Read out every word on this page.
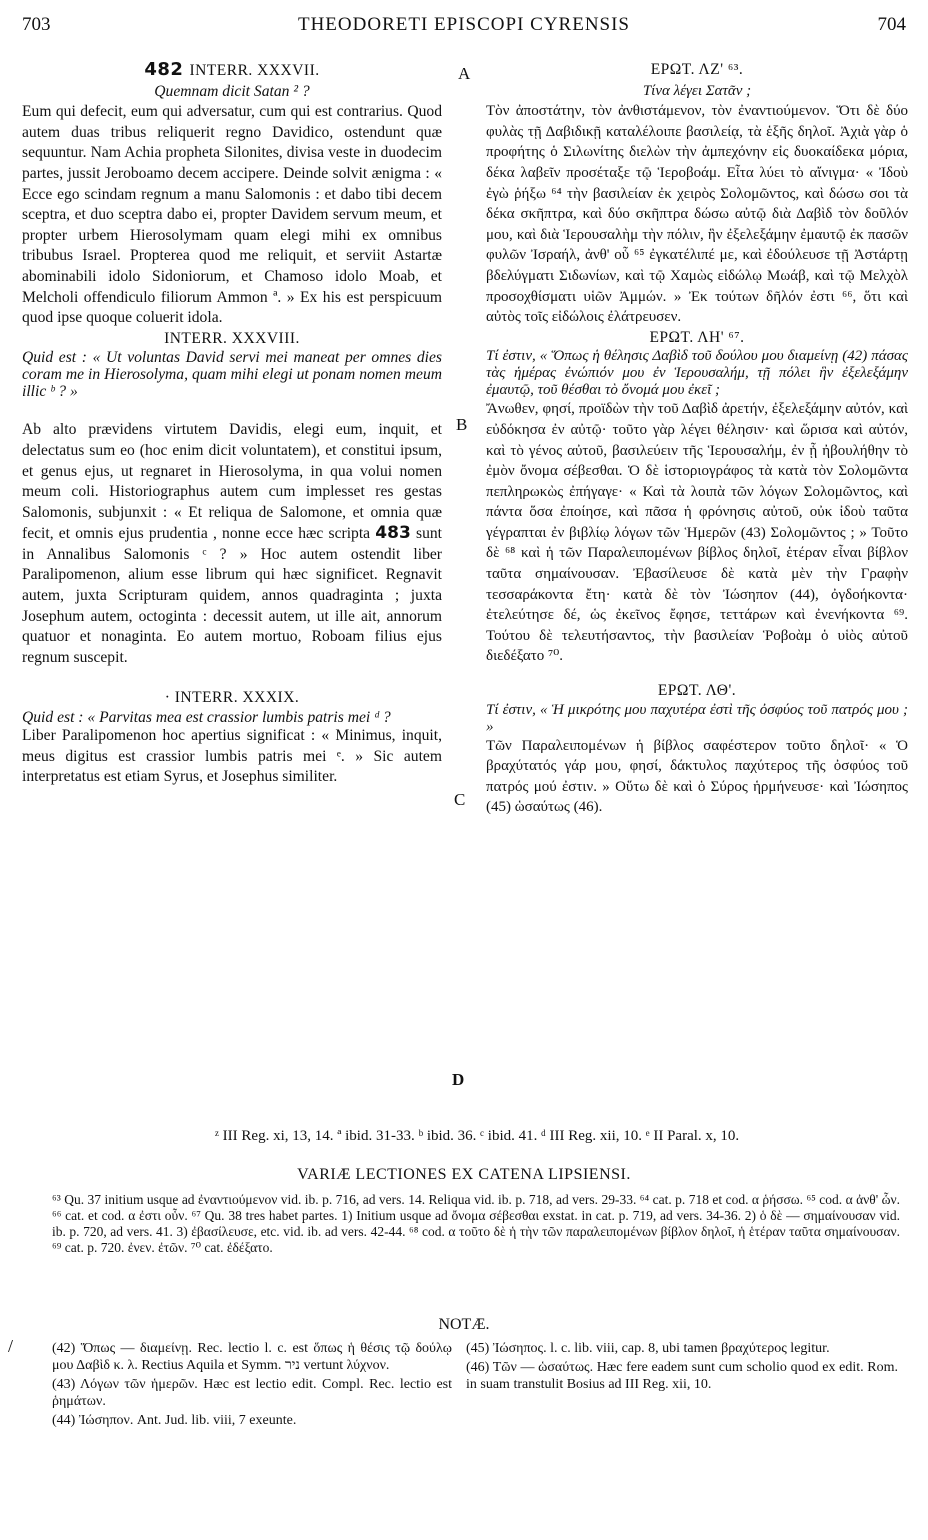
703	THEODORETI EPISCOPI CYRENSIS	704
A
B
C
D
/

482 INTERR. XXXVII.

Quemnam dicit Satan ² ?

Eum qui defecit, eum qui adversatur, cum qui est contrarius. Quod autem duas tribus reliquerit regno Davidico, ostendunt quæ sequuntur. Nam Achia propheta Silonites, divisa veste in duodecim partes, jussit Jeroboamo decem accipere. Deinde solvit ænigma : « Ecce ego scindam regnum a manu Salomonis : et dabo tibi decem sceptra, et duo sceptra dabo ei, propter Davidem servum meum, et propter urbem Hierosolymam quam elegi mihi ex omnibus tribubus Israel. Propterea quod me reliquit, et serviit Astartæ abominabili idolo Sidoniorum, et Chamoso idolo Moab, et Melcholi offendiculo filiorum Ammon ª. » Ex his est perspicuum quod ipse quoque coluerit idola.

INTERR. XXXVIII.

Quid est : « Ut voluntas David servi mei maneat per omnes dies coram me in Hierosolyma, quam mihi elegi ut ponam nomen meum illic ᵇ ? »

Ab alto prævidens virtutem Davidis, elegi eum, inquit, et delectatus sum eo (hoc enim dicit voluntatem), et constitui ipsum, et genus ejus, ut regnaret in Hierosolyma, in qua volui nomen meum coli. Historiographus autem cum implesset res gestas Salomonis, subjunxit : « Et reliqua de Salomone, et omnia quæ fecit, et omnis ejus prudentia , nonne ecce hæc scripta 483 sunt in Annalibus Salomonis ᶜ ? » Hoc autem ostendit liber Paralipomenon, alium esse librum qui hæc significet. Regnavit autem, juxta Scripturam quidem, annos quadraginta ; juxta Josephum autem, octoginta : decessit autem, ut ille ait, annorum quatuor et nonaginta. Eo autem mortuo, Roboam filius ejus regnum suscepit.

· INTERR. XXXIX.

Quid est : « Parvitas mea est crassior lumbis patris mei ᵈ ?

Liber Paralipomenon hoc apertius significat : « Minimus, inquit, meus digitus est crassior lumbis patris mei ᵉ. » Sic autem interpretatus est etiam Syrus, et Josephus similiter.

ΕΡΩΤ. ΛΖ' ⁶³.

Τίνα λέγει Σατᾶν ;

Τὸν ἀποστάτην, τὸν ἀνθιστάμενον, τὸν ἐναντιούμενον. Ὅτι δὲ δύο φυλὰς τῇ Δαβιδικῇ καταλέλοιπε βασιλείᾳ, τὰ ἑξῆς δηλοῖ. Ἀχιὰ γὰρ ὁ προφήτης ὁ Σιλωνίτης διελὼν τὴν ἀμπεχόνην εἰς δυοκαίδεκα μόρια, δέκα λαβεῖν προσέταξε τῷ Ἱεροβοάμ. Εἶτα λύει τὸ αἴνιγμα· « Ἰδοὺ ἐγὼ ῥήξω ⁶⁴ τὴν βασιλείαν ἐκ χειρὸς Σολομῶντος, καὶ δώσω σοι τὰ δέκα σκῆπτρα, καὶ δύο σκῆπτρα δώσω αὐτῷ διὰ Δαβὶδ τὸν δοῦλόν μου, καὶ διὰ Ἱερουσαλὴμ τὴν πόλιν, ἣν ἐξελεξάμην ἐμαυτῷ ἐκ πασῶν φυλῶν Ἰσραήλ, ἀνθ' οὗ ⁶⁵ ἐγκατέλιπέ με, καὶ ἐδούλευσε τῇ Ἀστάρτῃ βδελύγματι Σιδωνίων, καὶ τῷ Χαμὼς εἰδώλῳ Μωάβ, καὶ τῷ Μελχὸλ προσοχθίσματι υἱῶν Ἀμμών. » Ἐκ τούτων δῆλόν ἐστι ⁶⁶, ὅτι καὶ αὐτὸς τοῖς εἰδώλοις ἐλάτρευσεν.

ΕΡΩΤ. ΛΗ' ⁶⁷.

Τί ἐστιν, « Ὅπως ἡ θέλησις Δαβὶδ τοῦ δούλου μου διαμείνῃ (42) πάσας τὰς ἡμέρας ἐνώπιόν μου ἐν Ἱερουσαλήμ, τῇ πόλει ἣν ἐξελεξάμην ἐμαυτῷ, τοῦ θέσθαι τὸ ὄνομά μου ἐκεῖ ;

Ἄνωθεν, φησί, προϊδὼν τὴν τοῦ Δαβὶδ ἀρετήν, ἐξελεξάμην αὐτόν, καὶ εὐδόκησα ἐν αὐτῷ· τοῦτο γὰρ λέγει θέλησιν· καὶ ὥρισα καὶ αὐτόν, καὶ τὸ γένος αὐτοῦ, βασιλεύειν τῆς Ἱερουσαλήμ, ἐν ᾗ ἠβουλήθην τὸ ἐμὸν ὄνομα σέβεσθαι. Ὁ δὲ ἱστοριογράφος τὰ κατὰ τὸν Σολομῶντα πεπληρωκὼς ἐπήγαγε· « Καὶ τὰ λοιπὰ τῶν λόγων Σολομῶντος, καὶ πάντα ὅσα ἐποίησε, καὶ πᾶσα ἡ φρόνησις αὐτοῦ, οὐκ ἰδοὺ ταῦτα γέγραπται ἐν βιβλίῳ λόγων τῶν Ἡμερῶν (43) Σολομῶντος ; » Τοῦτο δὲ ⁶⁸ καὶ ἡ τῶν Παραλειπομένων βίβλος δηλοῖ, ἑτέραν εἶναι βίβλον ταῦτα σημαίνουσαν. Ἐβασίλευσε δὲ κατὰ μὲν τὴν Γραφὴν τεσσαράκοντα ἔτη· κατὰ δὲ τὸν Ἰώσηπον (44), ὀγδοήκοντα· ἐτελεύτησε δέ, ὡς ἐκεῖνος ἔφησε, τεττάρων καὶ ἐνενήκοντα ⁶⁹. Τούτου δὲ τελευτήσαντος, τὴν βασιλείαν Ῥοβοὰμ ὁ υἱὸς αὐτοῦ διεδέξατο ⁷⁰.

ΕΡΩΤ. ΛΘ'.

Τί ἐστιν, « Ἡ μικρότης μου παχυτέρα ἐστὶ τῆς ὀσφύος τοῦ πατρός μου ; »

Τῶν Παραλειπομένων ἡ βίβλος σαφέστερον τοῦτο δηλοῖ· « Ὁ βραχύτατός γάρ μου, φησί, δάκτυλος παχύτερος τῆς ὀσφύος τοῦ πατρός μού ἐστιν. » Οὕτω δὲ καὶ ὁ Σύρος ἡρμήνευσε· καὶ Ἰώσηπος (45) ὡσαύτως (46).

ᶻ III Reg. xi, 13, 14. ª ibid. 31-33. ᵇ ibid. 36. ᶜ ibid. 41. ᵈ III Reg. xii, 10. ᵉ II Paral. x, 10.
VARIÆ LECTIONES EX CATENA LIPSIENSI.
⁶³ Qu. 37 initium usque ad ἐναντιούμενον vid. ib. p. 716, ad vers. 14. Reliqua vid. ib. p. 718, ad vers. 29-33. ⁶⁴ cat. p. 718 et cod. α ῥήσσω. ⁶⁵ cod. α ἀνθ' ὧν. ⁶⁶ cat. et cod. α ἐστι οὖν. ⁶⁷ Qu. 38 tres habet partes. 1) Initium usque ad ὄνομα σέβεσθαι exstat. in cat. p. 719, ad vers. 34-36. 2) ὁ δὲ — σημαίνουσαν vid. ib. p. 720, ad vers. 41. 3) ἐβασίλευσε, etc. vid. ib. ad vers. 42-44. ⁶⁸ cod. α τοῦτο δὲ ἡ τὴν τῶν παραλειπομένων βίβλον δηλοῖ, ἡ ἑτέραν ταῦτα σημαίνουσαν. ⁶⁹ cat. p. 720. ἐνεν. ἐτῶν. ⁷⁰ cat. ἐδέξατο.
NOTÆ.

(42) Ὅπως — διαμείνῃ. Rec. lectio l. c. est ὅπως ἡ θέσις τῷ δούλῳ μου Δαβὶδ κ. λ. Rectius Aquila et Symm. ניר vertunt λύχνον.

(43) Λόγων τῶν ἡμερῶν. Hæc est lectio edit. Compl. Rec. lectio est ῥημάτων.

(44) Ἰώσηπον. Ant. Jud. lib. viii, 7 exeunte.

(45) Ἰώσηπος. l. c. lib. viii, cap. 8, ubi tamen βραχύτερος legitur.

(46) Τῶν — ὡσαύτως. Hæc fere eadem sunt cum scholio quod ex edit. Rom. in suam transtulit Bosius ad III Reg. xii, 10.
